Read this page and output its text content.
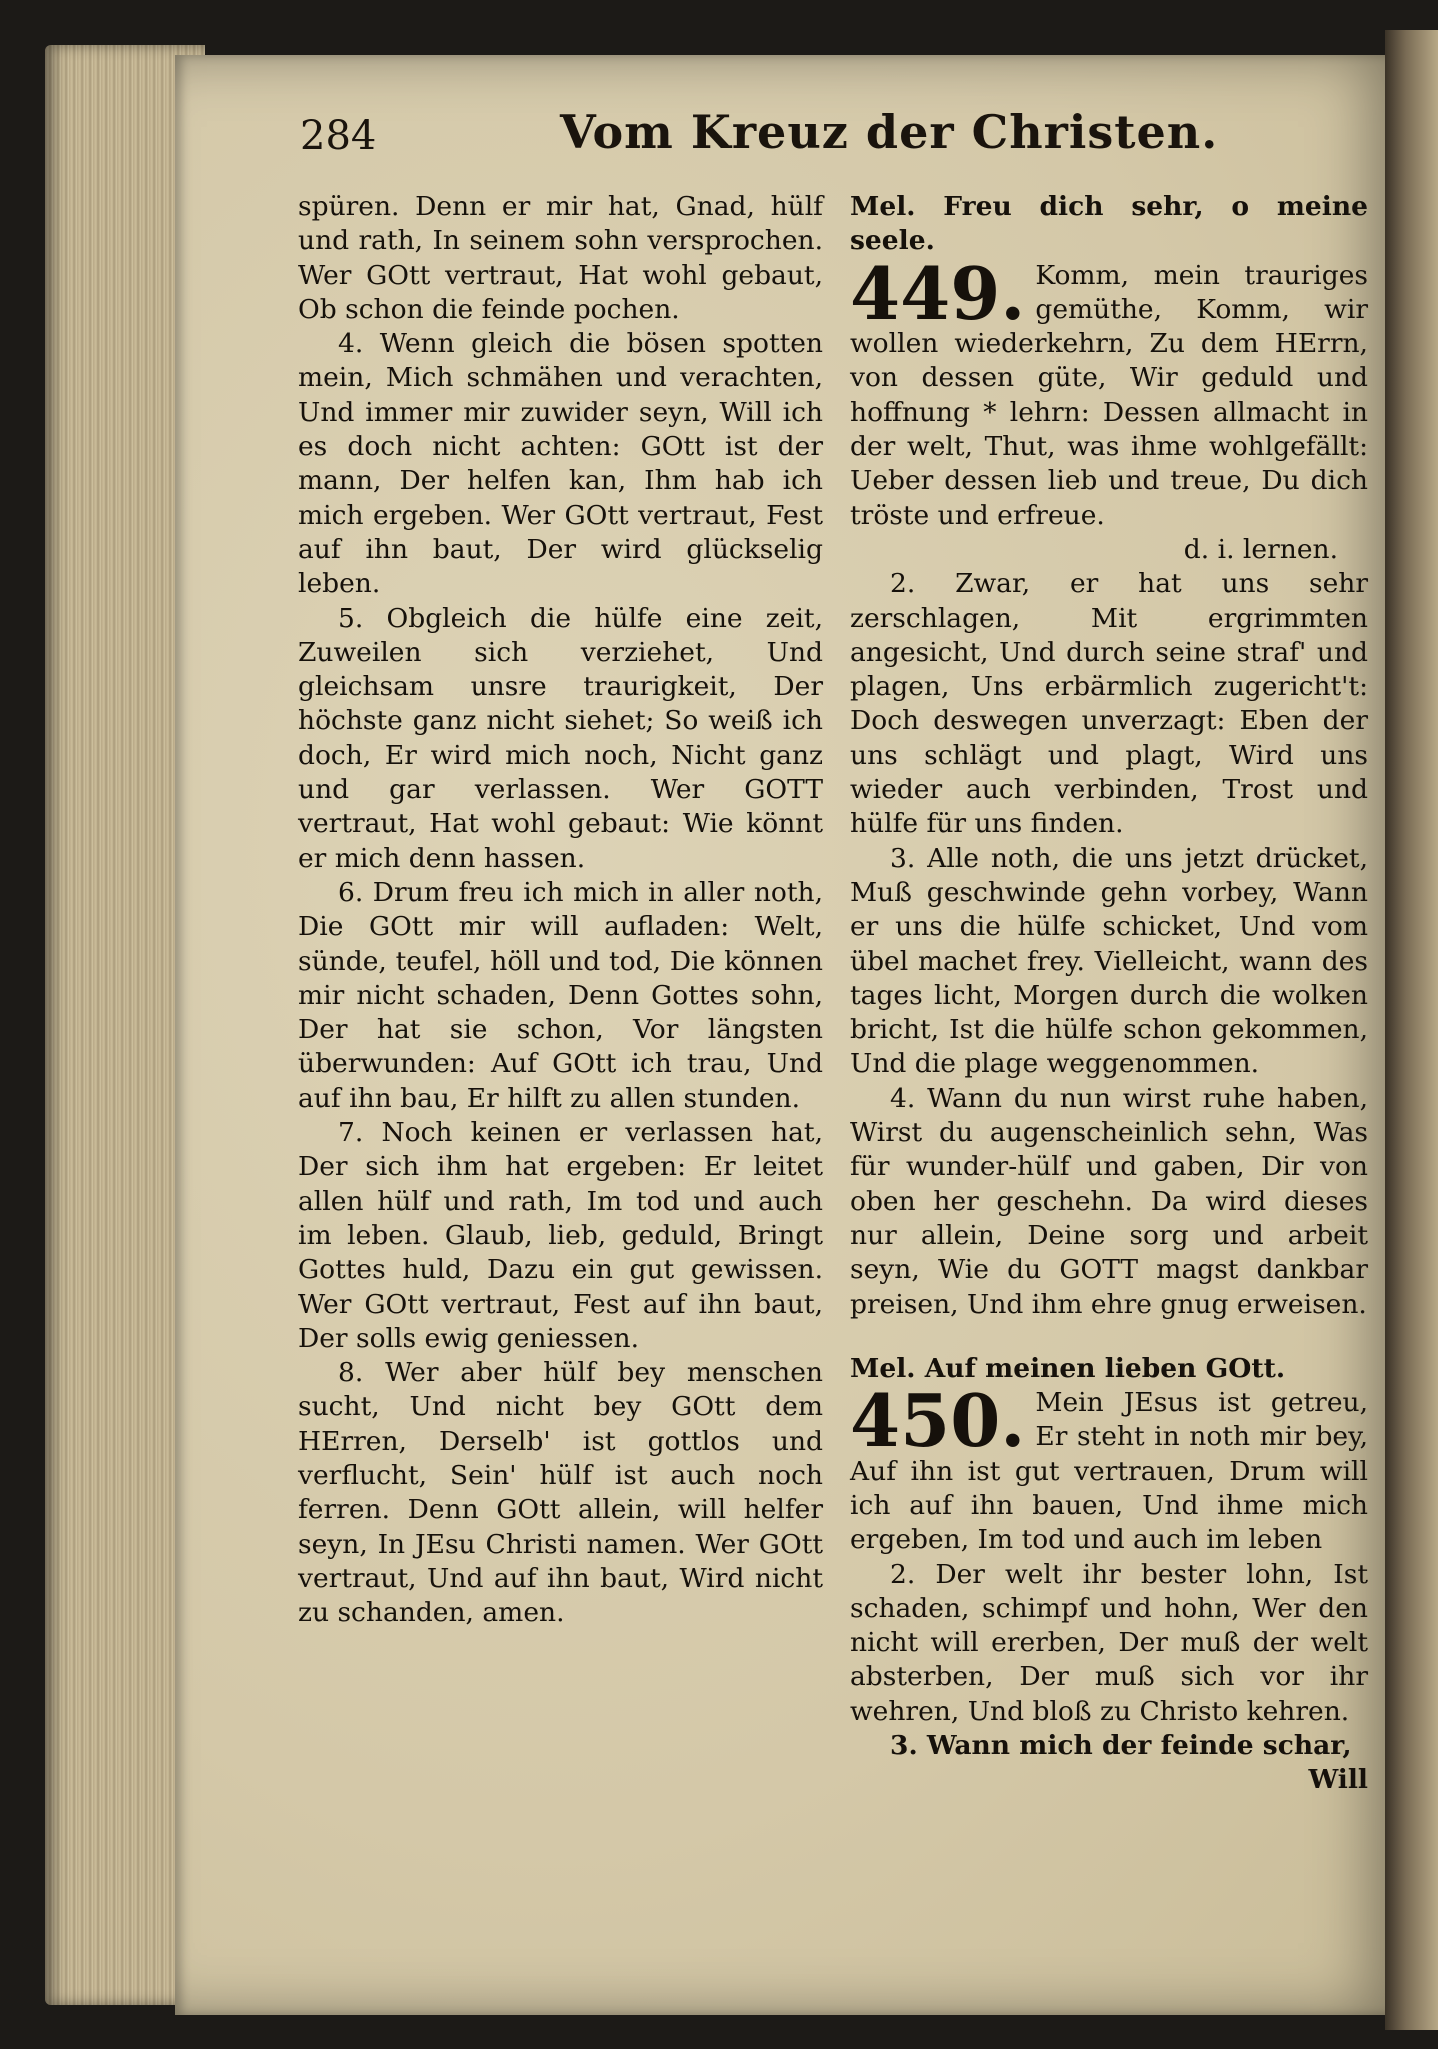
284	Vom Kreuz der Christen.

spüren. Denn er mir hat, Gnad, hülf und rath, In seinem sohn versprochen. Wer GOtt vertraut, Hat wohl gebaut, Ob schon die feinde pochen.

4. Wenn gleich die bösen spotten mein, Mich schmähen und verachten, Und immer mir zuwider seyn, Will ich es doch nicht achten: GOtt ist der mann, Der helfen kan, Ihm hab ich mich ergeben. Wer GOtt vertraut, Fest auf ihn baut, Der wird glückselig leben.

5. Obgleich die hülfe eine zeit, Zuweilen sich verziehet, Und gleichsam unsre traurigkeit, Der höchste ganz nicht siehet; So weiß ich doch, Er wird mich noch, Nicht ganz und gar verlassen. Wer GOTT vertraut, Hat wohl gebaut: Wie könnt er mich denn hassen.

6. Drum freu ich mich in aller noth, Die GOtt mir will aufladen: Welt, sünde, teufel, höll und tod, Die können mir nicht schaden, Denn Gottes sohn, Der hat sie schon, Vor längsten überwunden: Auf GOtt ich trau, Und auf ihn bau, Er hilft zu allen stunden.

7. Noch keinen er verlassen hat, Der sich ihm hat ergeben: Er leitet allen hülf und rath, Im tod und auch im leben. Glaub, lieb, geduld, Bringt Gottes huld, Dazu ein gut gewissen. Wer GOtt vertraut, Fest auf ihn baut, Der solls ewig geniessen.

8. Wer aber hülf bey menschen sucht, Und nicht bey GOtt dem HErren, Derselb' ist gottlos und verflucht, Sein' hülf ist auch noch ferren. Denn GOtt allein, will helfer seyn, In JEsu Christi namen. Wer GOtt vertraut, Und auf ihn baut, Wird nicht zu schanden, amen.

Mel. Freu dich sehr, o meine seele.

449. Komm, mein trauriges gemüthe, Komm, wir wollen wiederkehrn, Zu dem HErrn, von dessen güte, Wir geduld und hoffnung * lehrn: Dessen allmacht in der welt, Thut, was ihme wohlgefällt: Ueber dessen lieb und treue, Du dich tröste und erfreue.

d. i. lernen.

2. Zwar, er hat uns sehr zerschlagen, Mit ergrimmten angesicht, Und durch seine straf' und plagen, Uns erbärmlich zugericht't: Doch deswegen unverzagt: Eben der uns schlägt und plagt, Wird uns wieder auch verbinden, Trost und hülfe für uns finden.

3. Alle noth, die uns jetzt drücket, Muß geschwinde gehn vorbey, Wann er uns die hülfe schicket, Und vom übel machet frey. Vielleicht, wann des tages licht, Morgen durch die wolken bricht, Ist die hülfe schon gekommen, Und die plage weggenommen.

4. Wann du nun wirst ruhe haben, Wirst du augenscheinlich sehn, Was für wunder-hülf und gaben, Dir von oben her geschehn. Da wird dieses nur allein, Deine sorg und arbeit seyn, Wie du GOTT magst dankbar preisen, Und ihm ehre gnug erweisen.

Mel. Auf meinen lieben GOtt.

450. Mein JEsus ist getreu, Er steht in noth mir bey, Auf ihn ist gut vertrauen, Drum will ich auf ihn bauen, Und ihme mich ergeben, Im tod und auch im leben

2. Der welt ihr bester lohn, Ist schaden, schimpf und hohn, Wer den nicht will ererben, Der muß der welt absterben, Der muß sich vor ihr wehren, Und bloß zu Christo kehren.

3. Wann mich der feinde schar,

Will
